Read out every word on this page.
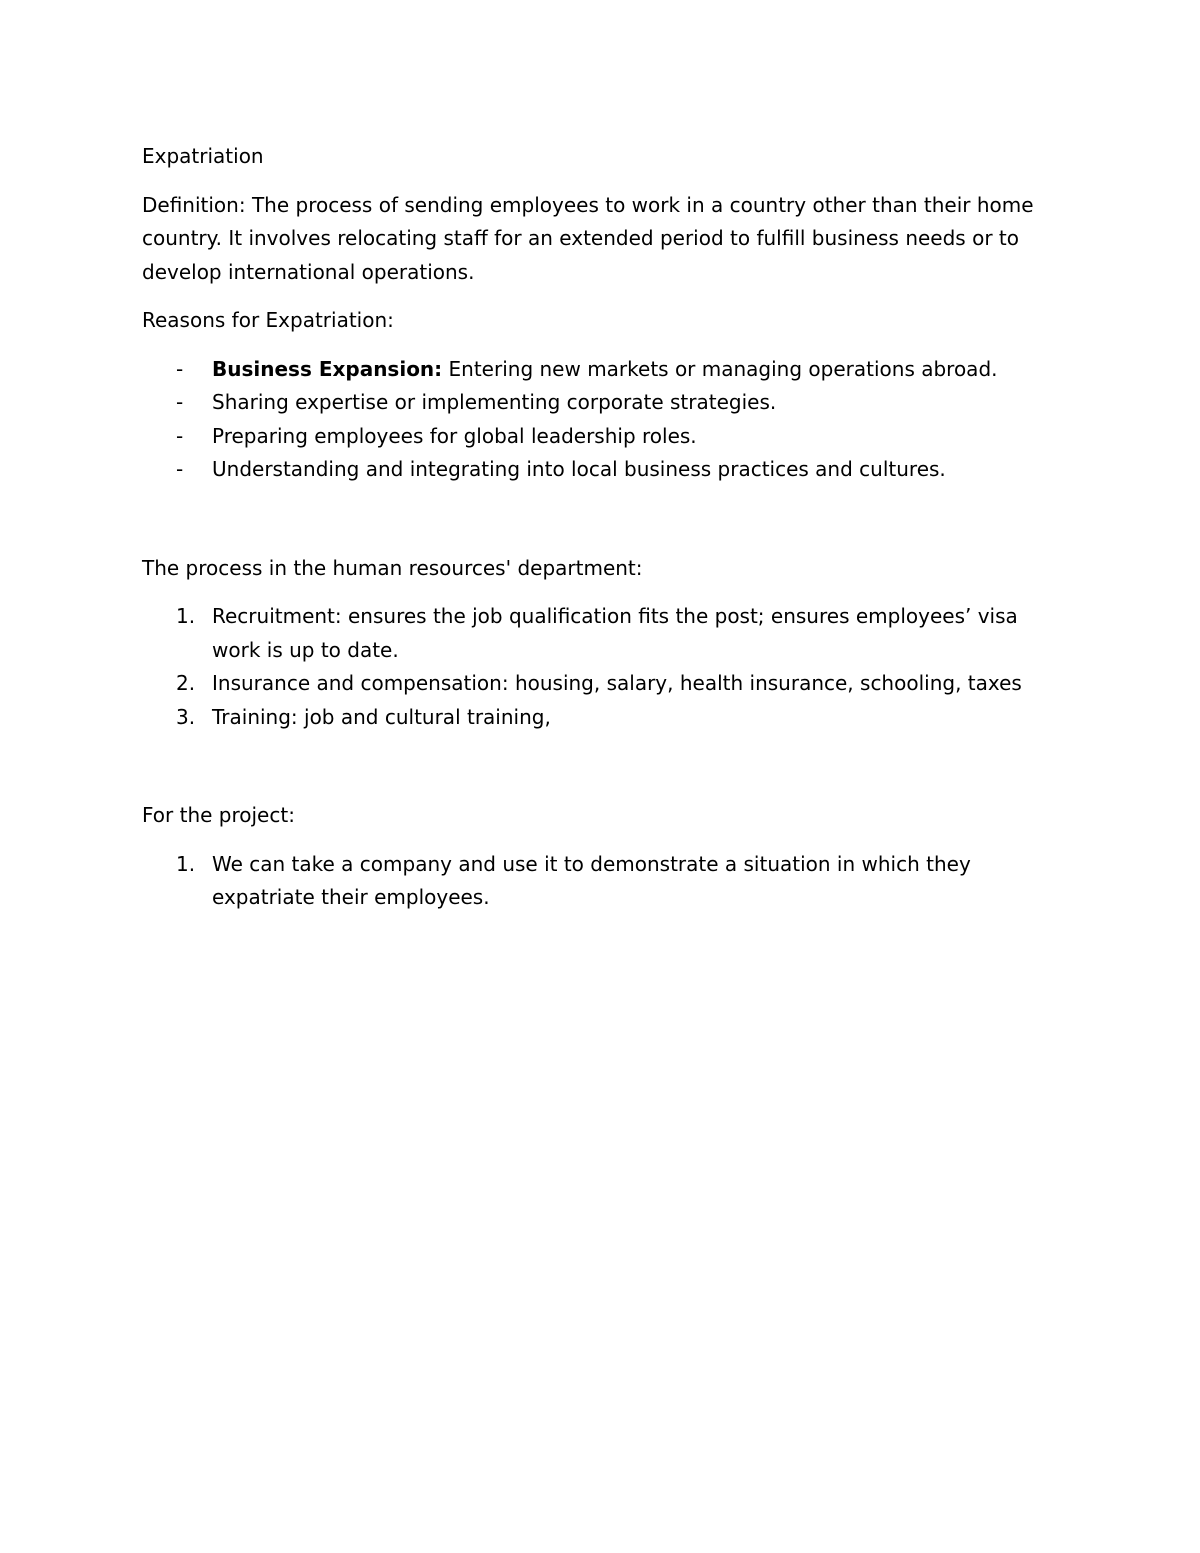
Expatriation

Definition: The process of sending employees to work in a country other than their home country. It involves relocating staff for an extended period to fulfill business needs or to develop international operations.

Reasons for Expatriation:

- Business Expansion: Entering new markets or managing operations abroad.
- Sharing expertise or implementing corporate strategies.
- Preparing employees for global leadership roles.
- Understanding and integrating into local business practices and cultures.

The process in the human resources' department:

1. Recruitment: ensures the job qualification fits the post; ensures employees’ visa work is up to date.
2. Insurance and compensation: housing, salary, health insurance, schooling, taxes
3. Training: job and cultural training,

For the project:

1. We can take a company and use it to demonstrate a situation in which they expatriate their employees.
